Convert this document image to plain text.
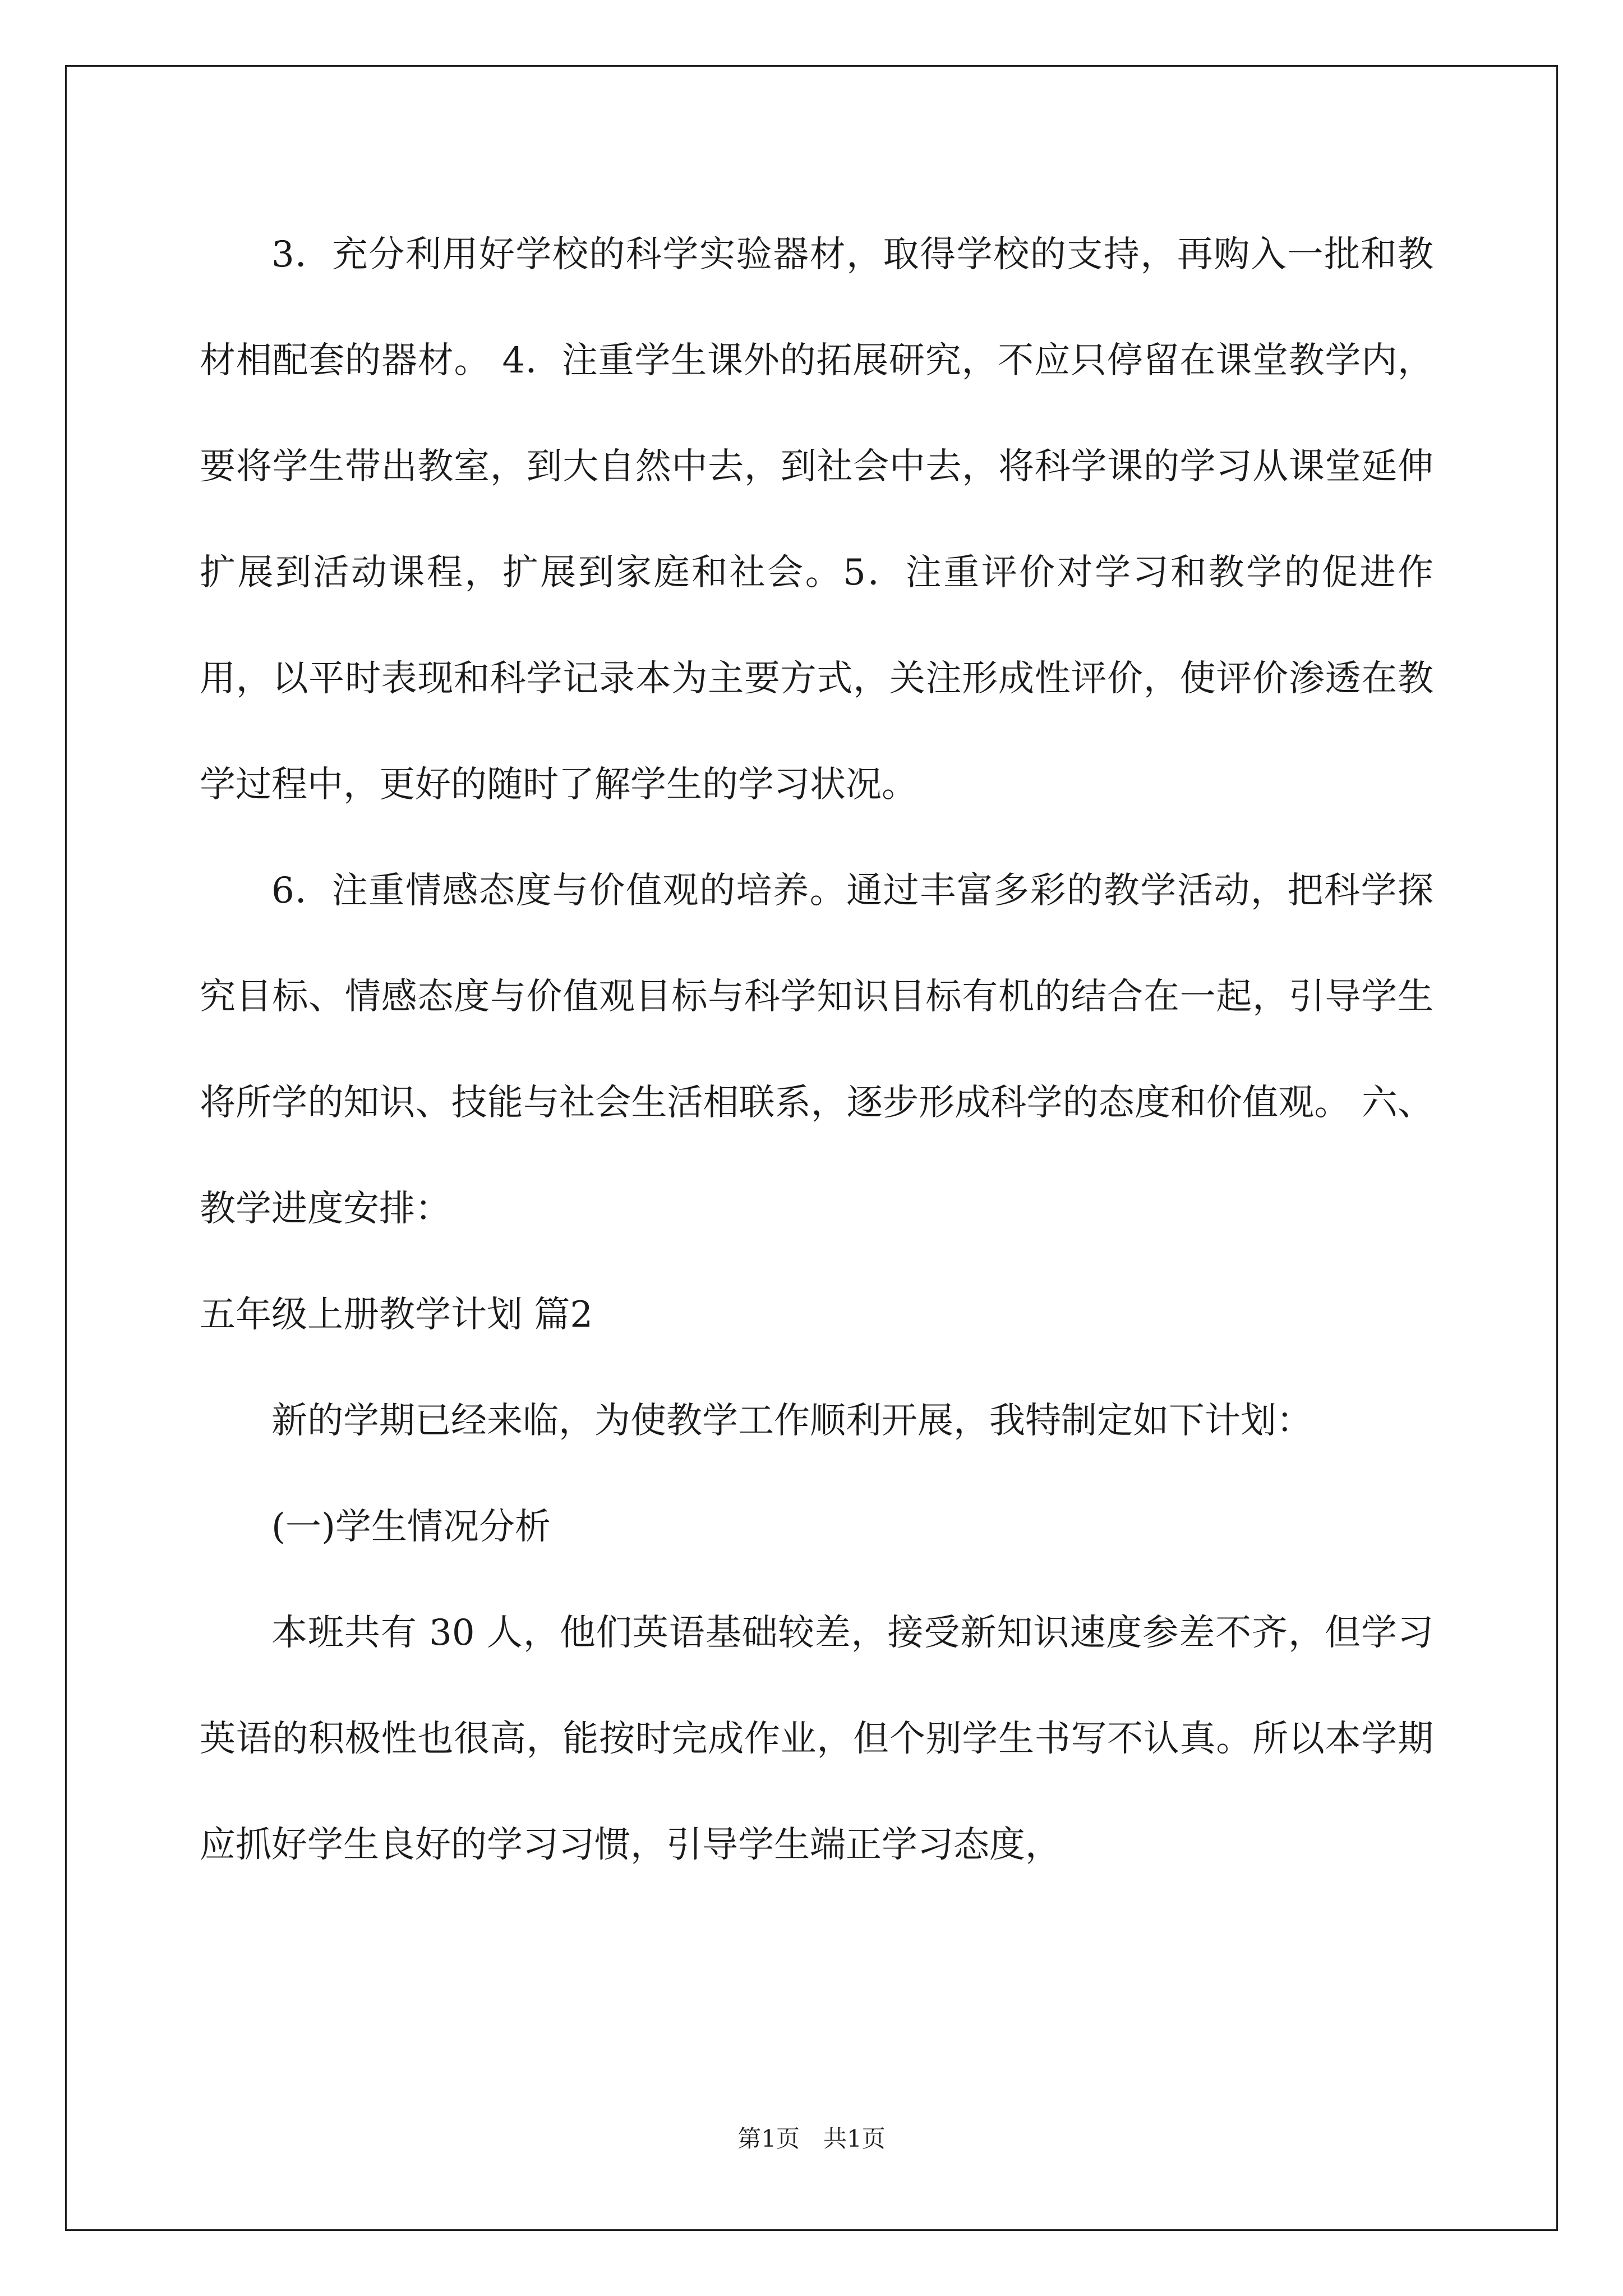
3．充分利用好学校的科学实验器材，取得学校的支持，再购入一批和教材相配套的器材。 4．注重学生课外的拓展研究，不应只停留在课堂教学内，要将学生带出教室，到大自然中去，到社会中去，将科学课的学习从课堂延伸扩展到活动课程，扩展到家庭和社会。5．注重评价对学习和教学的促进作用，以平时表现和科学记录本为主要方式，关注形成性评价，使评价渗透在教学过程中，更好的随时了解学生的学习状况。

6．注重情感态度与价值观的培养。通过丰富多彩的教学活动，把科学探究目标、情感态度与价值观目标与科学知识目标有机的结合在一起，引导学生将所学的知识、技能与社会生活相联系，逐步形成科学的态度和价值观。 六、教学进度安排：

五年级上册教学计划 篇2

新的学期已经来临，为使教学工作顺利开展，我特制定如下计划：

(一)学生情况分析

本班共有 30 人，他们英语基础较差，接受新知识速度参差不齐，但学习英语的积极性也很高，能按时完成作业，但个别学生书写不认真。所以本学期应抓好学生良好的学习习惯，引导学生端正学习态度，

第1页　共1页
